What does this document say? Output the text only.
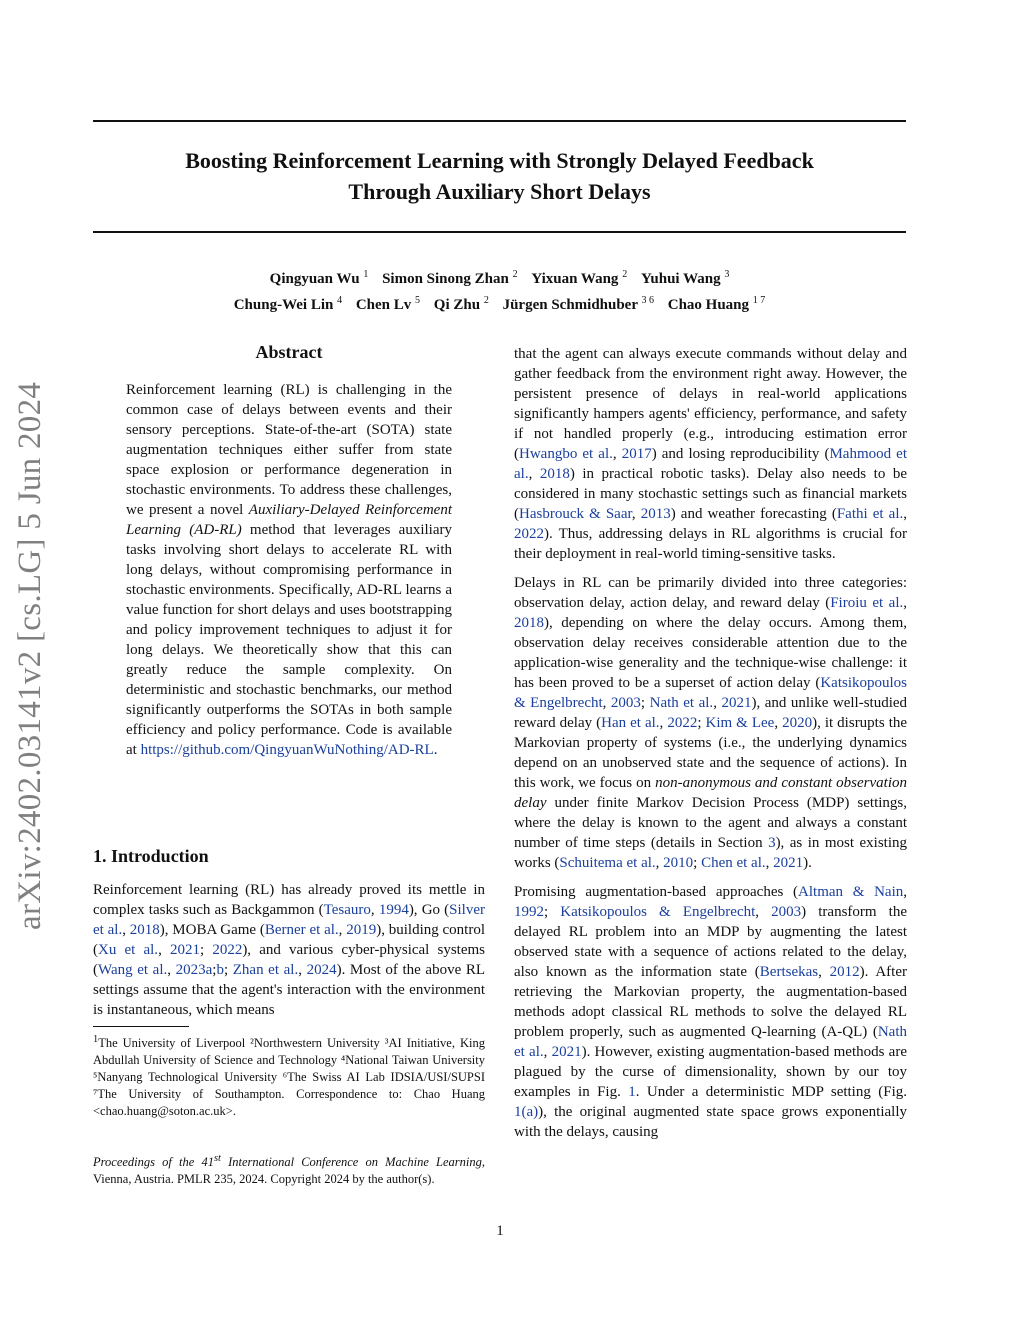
arXiv:2402.03141v2 [cs.LG] 5 Jun 2024
Boosting Reinforcement Learning with Strongly Delayed Feedback
Through Auxiliary Short Delays
Qingyuan Wu $^1$ Simon Sinong Zhan $^2$ Yixuan Wang $^2$ Yuhui Wang $^3$
Chung-Wei Lin $^4$ Chen Lv $^5$ Qi Zhu $^2$ Jürgen Schmidhuber $^{3 6}$ Chao Huang $^{1 7}$
Abstract
Reinforcement learning (RL) is challenging in the common case of delays between events and their sensory perceptions. State-of-the-art (SOTA) state augmentation techniques either suffer from state space explosion or performance degeneration in stochastic environments. To address these challenges, we present a novel Auxiliary-Delayed Reinforcement Learning (AD-RL) method that leverages auxiliary tasks involving short delays to accelerate RL with long delays, without compromising performance in stochastic environments. Specifically, AD-RL learns a value function for short delays and uses bootstrapping and policy improvement techniques to adjust it for long delays. We theoretically show that this can greatly reduce the sample complexity. On deterministic and stochastic benchmarks, our method significantly outperforms the SOTAs in both sample efficiency and policy performance. Code is available at https://github.com/QingyuanWuNothing/AD-RL.
1. Introduction
Reinforcement learning (RL) has already proved its mettle in complex tasks such as Backgammon (Tesauro, 1994), Go (Silver et al., 2018), MOBA Game (Berner et al., 2019), building control (Xu et al., 2021; 2022), and various cyber-physical systems (Wang et al., 2023a;b; Zhan et al., 2024). Most of the above RL settings assume that the agent's interaction with the environment is instantaneous, which means
$^1$The University of Liverpool ²Northwestern University ³AI Initiative, King Abdullah University of Science and Technology ⁴National Taiwan University ⁵Nanyang Technological University ⁶The Swiss AI Lab IDSIA/USI/SUPSI ⁷The University of Southampton. Correspondence to: Chao Huang <chao.huang@soton.ac.uk>.
Proceedings of the 41st International Conference on Machine Learning, Vienna, Austria. PMLR 235, 2024. Copyright 2024 by the author(s).

that the agent can always execute commands without delay and gather feedback from the environment right away. However, the persistent presence of delays in real-world applications significantly hampers agents' efficiency, performance, and safety if not handled properly (e.g., introducing estimation error (Hwangbo et al., 2017) and losing reproducibility (Mahmood et al., 2018) in practical robotic tasks). Delay also needs to be considered in many stochastic settings such as financial markets (Hasbrouck & Saar, 2013) and weather forecasting (Fathi et al., 2022). Thus, addressing delays in RL algorithms is crucial for their deployment in real-world timing-sensitive tasks.

Delays in RL can be primarily divided into three categories: observation delay, action delay, and reward delay (Firoiu et al., 2018), depending on where the delay occurs. Among them, observation delay receives considerable attention due to the application-wise generality and the technique-wise challenge: it has been proved to be a superset of action delay (Katsikopoulos & Engelbrecht, 2003; Nath et al., 2021), and unlike well-studied reward delay (Han et al., 2022; Kim & Lee, 2020), it disrupts the Markovian property of systems (i.e., the underlying dynamics depend on an unobserved state and the sequence of actions). In this work, we focus on non-anonymous and constant observation delay under finite Markov Decision Process (MDP) settings, where the delay is known to the agent and always a constant number of time steps (details in Section 3), as in most existing works (Schuitema et al., 2010; Chen et al., 2021).

Promising augmentation-based approaches (Altman & Nain, 1992; Katsikopoulos & Engelbrecht, 2003) transform the delayed RL problem into an MDP by augmenting the latest observed state with a sequence of actions related to the delay, also known as the information state (Bertsekas, 2012). After retrieving the Markovian property, the augmentation-based methods adopt classical RL methods to solve the delayed RL problem properly, such as augmented Q-learning (A-QL) (Nath et al., 2021). However, existing augmentation-based methods are plagued by the curse of dimensionality, shown by our toy examples in Fig. 1. Under a deterministic MDP setting (Fig. 1(a)), the original augmented state space grows exponentially with the delays, causing

1
